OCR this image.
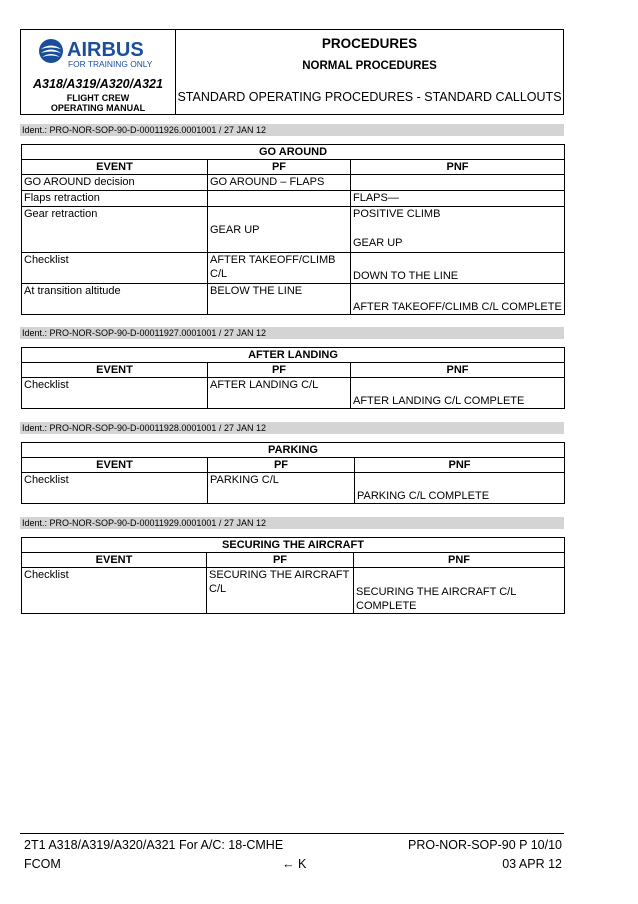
AIRBUS
FOR TRAINING ONLY
A318/A319/A320/A321
FLIGHT CREW
OPERATING MANUAL
PROCEDURES
NORMAL PROCEDURES
STANDARD OPERATING PROCEDURES - STANDARD CALLOUTS
Ident.: PRO-NOR-SOP-90-D-00011926.0001001 / 27 JAN 12
GO AROUND		
EVENT	PF	PNF
GO AROUND decision	GO AROUND – FLAPS	
Flaps retraction		FLAPS—
Gear retraction	GEAR UP	POSITIVE CLIMB
GEAR UP

Checklist	AFTER TAKEOFF/CLIMB C/L	DOWN TO THE LINE
At transition altitude	BELOW THE LINE	AFTER TAKEOFF/CLIMB C/L COMPLETE
Ident.: PRO-NOR-SOP-90-D-00011927.0001001 / 27 JAN 12
AFTER LANDING		
EVENT	PF	PNF
Checklist	AFTER LANDING C/L	AFTER LANDING C/L COMPLETE
Ident.: PRO-NOR-SOP-90-D-00011928.0001001 / 27 JAN 12
PARKING		
EVENT	PF	PNF
Checklist	PARKING C/L	PARKING C/L COMPLETE
Ident.: PRO-NOR-SOP-90-D-00011929.0001001 / 27 JAN 12
SECURING THE AIRCRAFT		
EVENT	PF	PNF
Checklist	SECURING THE AIRCRAFT C/L	SECURING THE AIRCRAFT C/L COMPLETE
2T1 A318/A319/A320/A321 For A/C: 18-CMHE	PRO-NOR-SOP-90 P 10/10
FCOM	← K	03 APR 12
